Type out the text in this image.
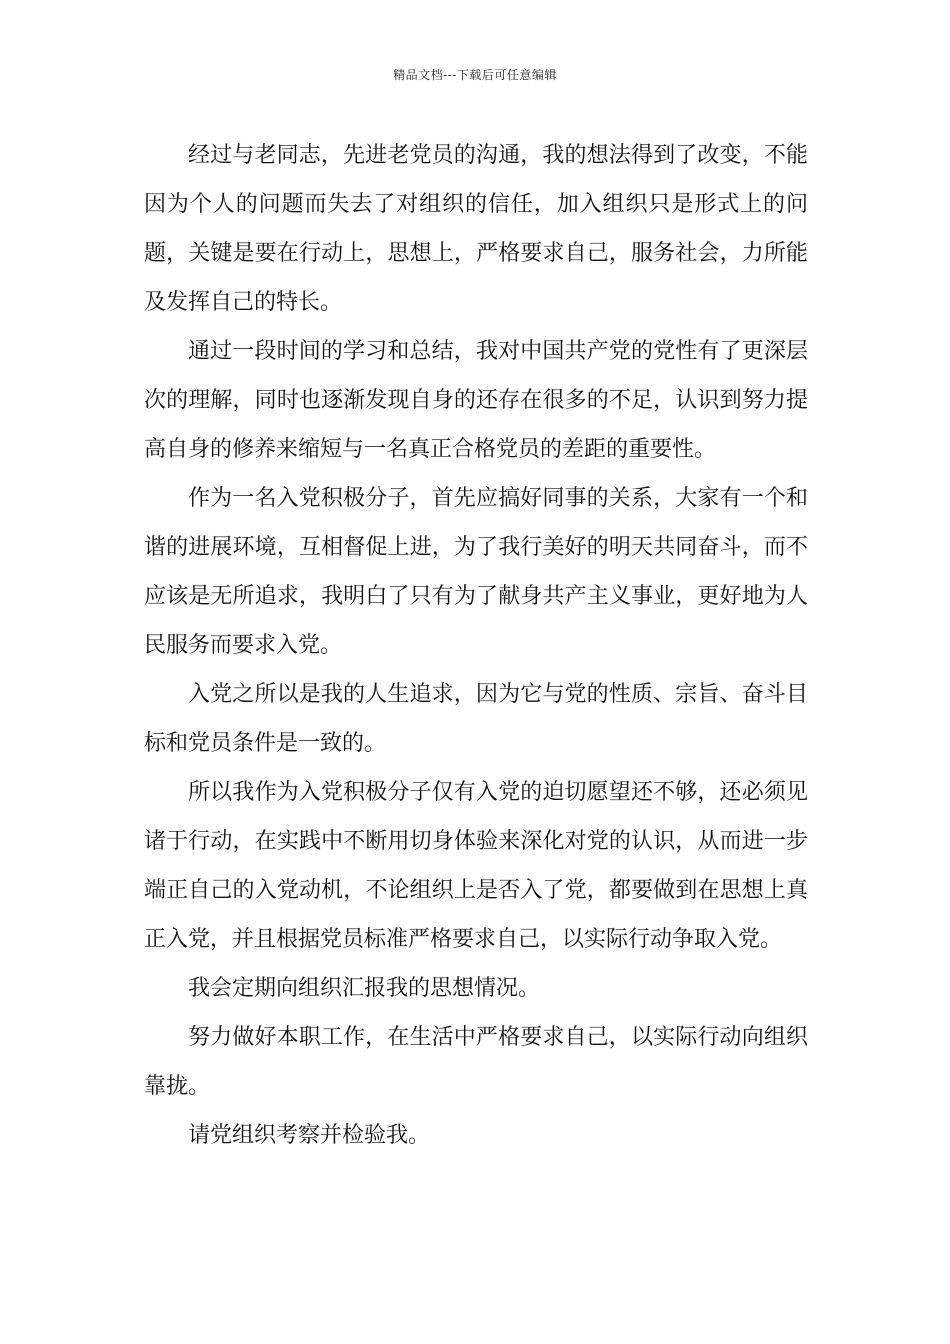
精品文档---下载后可任意编辑

经过与老同志，先进老党员的沟通，我的想法得到了改变，不能因为个人的问题而失去了对组织的信任，加入组织只是形式上的问题，关键是要在行动上，思想上，严格要求自己，服务社会，力所能及发挥自己的特长。

通过一段时间的学习和总结，我对中国共产党的党性有了更深层次的理解，同时也逐渐发现自身的还存在很多的不足，认识到努力提高自身的修养来缩短与一名真正合格党员的差距的重要性。

作为一名入党积极分子，首先应搞好同事的关系，大家有一个和谐的进展环境，互相督促上进，为了我行美好的明天共同奋斗，而不应该是无所追求，我明白了只有为了献身共产主义事业，更好地为人民服务而要求入党。

入党之所以是我的人生追求，因为它与党的性质、宗旨、奋斗目标和党员条件是一致的。

所以我作为入党积极分子仅有入党的迫切愿望还不够，还必须见诸于行动，在实践中不断用切身体验来深化对党的认识，从而进一步端正自己的入党动机，不论组织上是否入了党，都要做到在思想上真正入党，并且根据党员标准严格要求自己，以实际行动争取入党。

我会定期向组织汇报我的思想情况。

努力做好本职工作，在生活中严格要求自己，以实际行动向组织靠拢。

请党组织考察并检验我。
